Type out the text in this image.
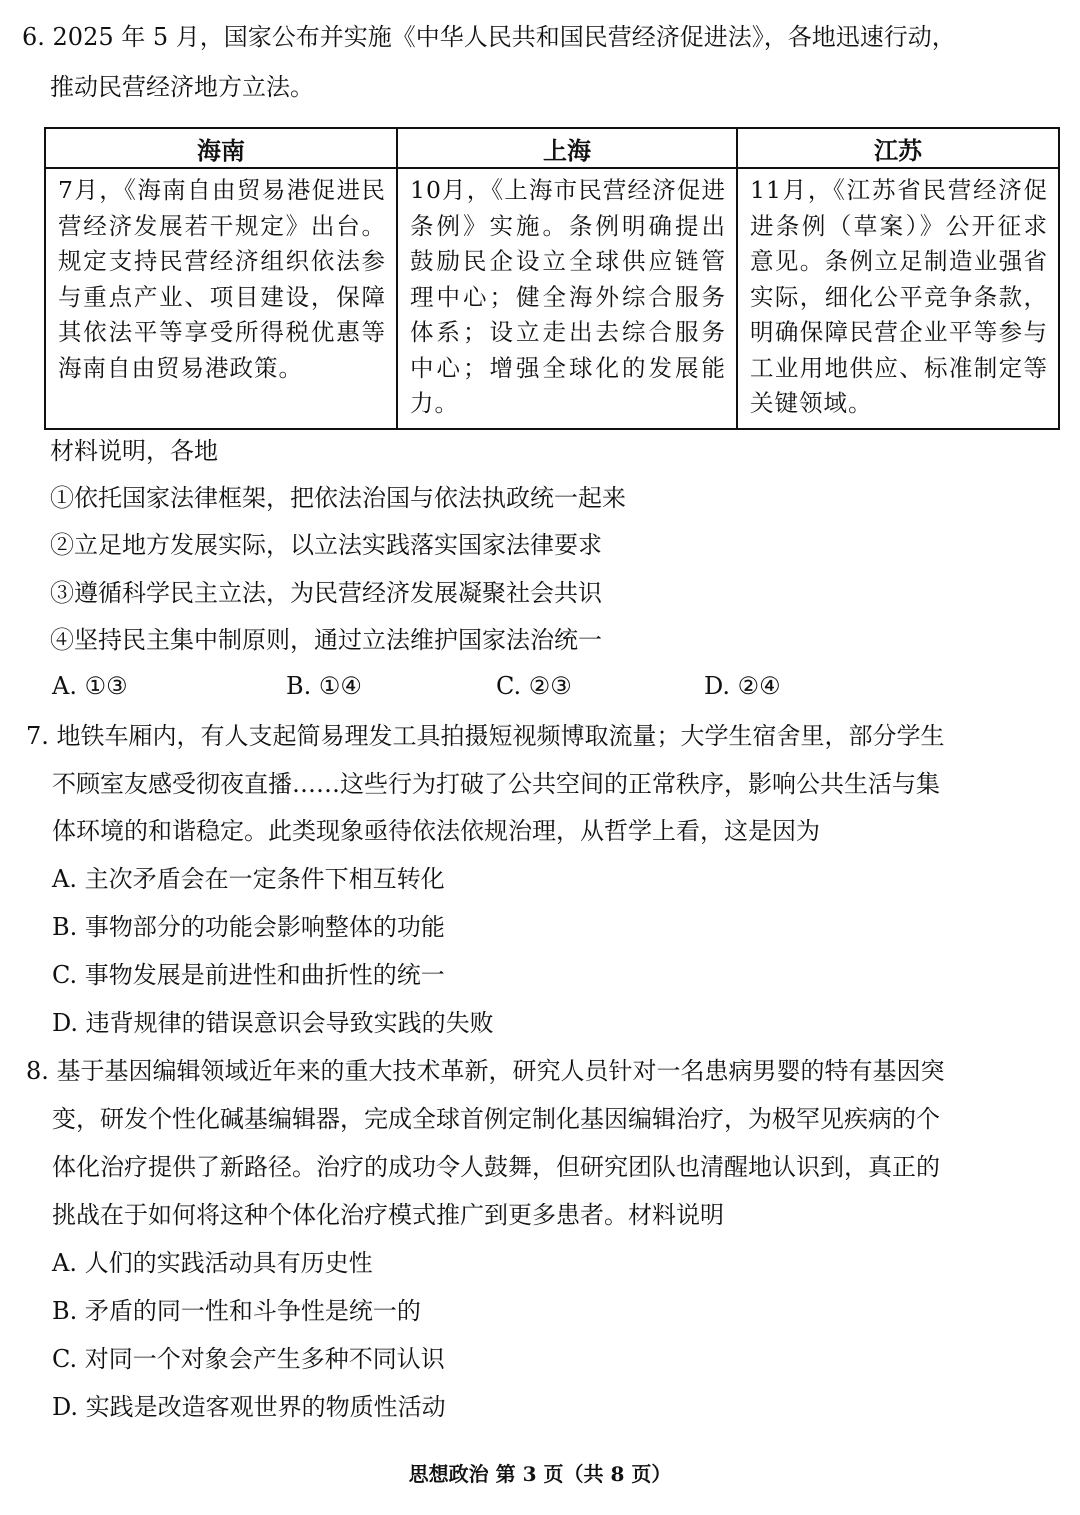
6. 2025 年 5 月，国家公布并实施《中华人民共和国民营经济促进法》，各地迅速行动，
推动民营经济地方立法。
海南	上海	江苏
7月，《海南自由贸易港促进民营经济发展若干规定》出台。规定支持民营经济组织依法参与重点产业、项目建设，保障其依法平等享受所得税优惠等海南自由贸易港政策。	10月，《上海市民营经济促进条例》实施。条例明确提出鼓励民企设立全球供应链管理中心；健全海外综合服务体系；设立走出去综合服务中心；增强全球化的发展能力。	11月，《江苏省民营经济促进条例（草案）》公开征求意见。条例立足制造业强省实际，细化公平竞争条款，明确保障民营企业平等参与工业用地供应、标准制定等关键领域。
材料说明，各地
①依托国家法律框架，把依法治国与依法执政统一起来
②立足地方发展实际，以立法实践落实国家法律要求
③遵循科学民主立法，为民营经济发展凝聚社会共识
④坚持民主集中制原则，通过立法维护国家法治统一
A. ①③	B. ①④	C. ②③	D. ②④
7. 地铁车厢内，有人支起简易理发工具拍摄短视频博取流量；大学生宿舍里，部分学生
不顾室友感受彻夜直播……这些行为打破了公共空间的正常秩序，影响公共生活与集
体环境的和谐稳定。此类现象亟待依法依规治理，从哲学上看，这是因为
A. 主次矛盾会在一定条件下相互转化
B. 事物部分的功能会影响整体的功能
C. 事物发展是前进性和曲折性的统一
D. 违背规律的错误意识会导致实践的失败
8. 基于基因编辑领域近年来的重大技术革新，研究人员针对一名患病男婴的特有基因突
变，研发个性化碱基编辑器，完成全球首例定制化基因编辑治疗，为极罕见疾病的个
体化治疗提供了新路径。治疗的成功令人鼓舞，但研究团队也清醒地认识到，真正的
挑战在于如何将这种个体化治疗模式推广到更多患者。材料说明
A. 人们的实践活动具有历史性
B. 矛盾的同一性和斗争性是统一的
C. 对同一个对象会产生多种不同认识
D. 实践是改造客观世界的物质性活动
思想政治 第 3 页（共 8 页）
